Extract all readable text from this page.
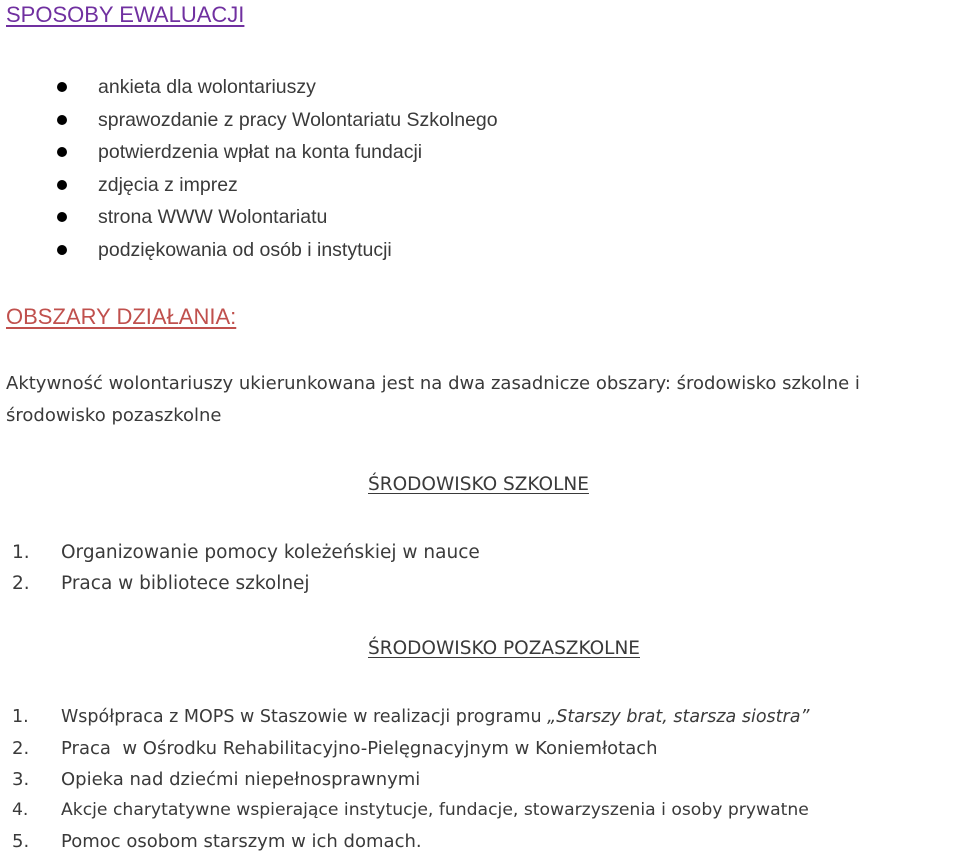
SPOSOBY EWALUACJI
ankieta dla wolontariuszy
sprawozdanie z pracy Wolontariatu Szkolnego
potwierdzenia wpłat na konta fundacji
zdjęcia z imprez
strona WWW Wolontariatu
podziękowania od osób i instytucji
OBSZARY DZIAŁANIA:

Aktywność wolontariuszy ukierunkowana jest na dwa zasadnicze obszary: środowisko szkolne i środowisko pozaszkolne

ŚRODOWISKO SZKOLNE
1. Organizowanie pomocy koleżeńskiej w nauce
2. Praca w bibliotece szkolnej
ŚRODOWISKO POZASZKOLNE
1. Współpraca z MOPS w Staszowie w realizacji programu „Starszy brat, starsza siostra”
2. Praca  w Ośrodku Rehabilitacyjno-Pielęgnacyjnym w Koniemłotach
3. Opieka nad dziećmi niepełnosprawnymi
4. Akcje charytatywne wspierające instytucje, fundacje, stowarzyszenia i osoby prywatne
5. Pomoc osobom starszym w ich domach.
